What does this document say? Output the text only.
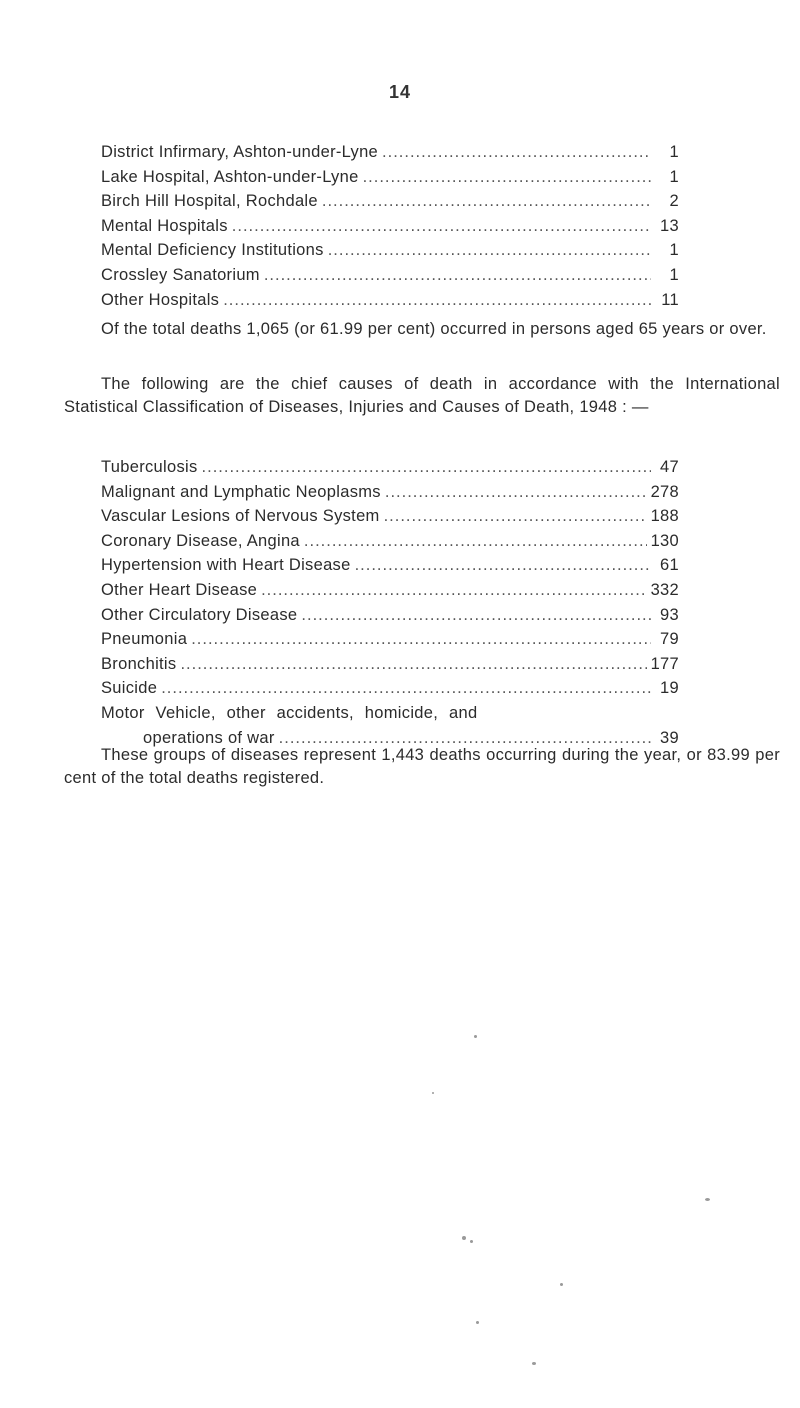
14
District Infirmary, Ashton-under-Lyne .....	1
Lake Hospital, Ashton-under-Lyne .....	1
Birch Hill Hospital, Rochdale .....	2
Mental Hospitals .....	13
Mental Deficiency Institutions .....	1
Crossley Sanatorium .....	1
Other Hospitals .....	11

Of the total deaths 1,065 (or 61.99 per cent) occurred in persons aged 65 years or over.

The following are the chief causes of death in accordance with the International Statistical Classification of Diseases, Injuries and Causes of Death, 1948 : —

Tuberculosis .....	47
Malignant and Lymphatic Neoplasms .....	278
Vascular Lesions of Nervous System .....	188
Coronary Disease, Angina .....	130
Hypertension with Heart Disease .....	61
Other Heart Disease .....	332
Other Circulatory Disease .....	93
Pneumonia .....	79
Bronchitis .....	177
Suicide .....	19
Motor Vehicle, other accidents, homicide, and
operations of war .....	39

These groups of diseases represent 1,443 deaths occurring during the year, or 83.99 per cent of the total deaths registered.
